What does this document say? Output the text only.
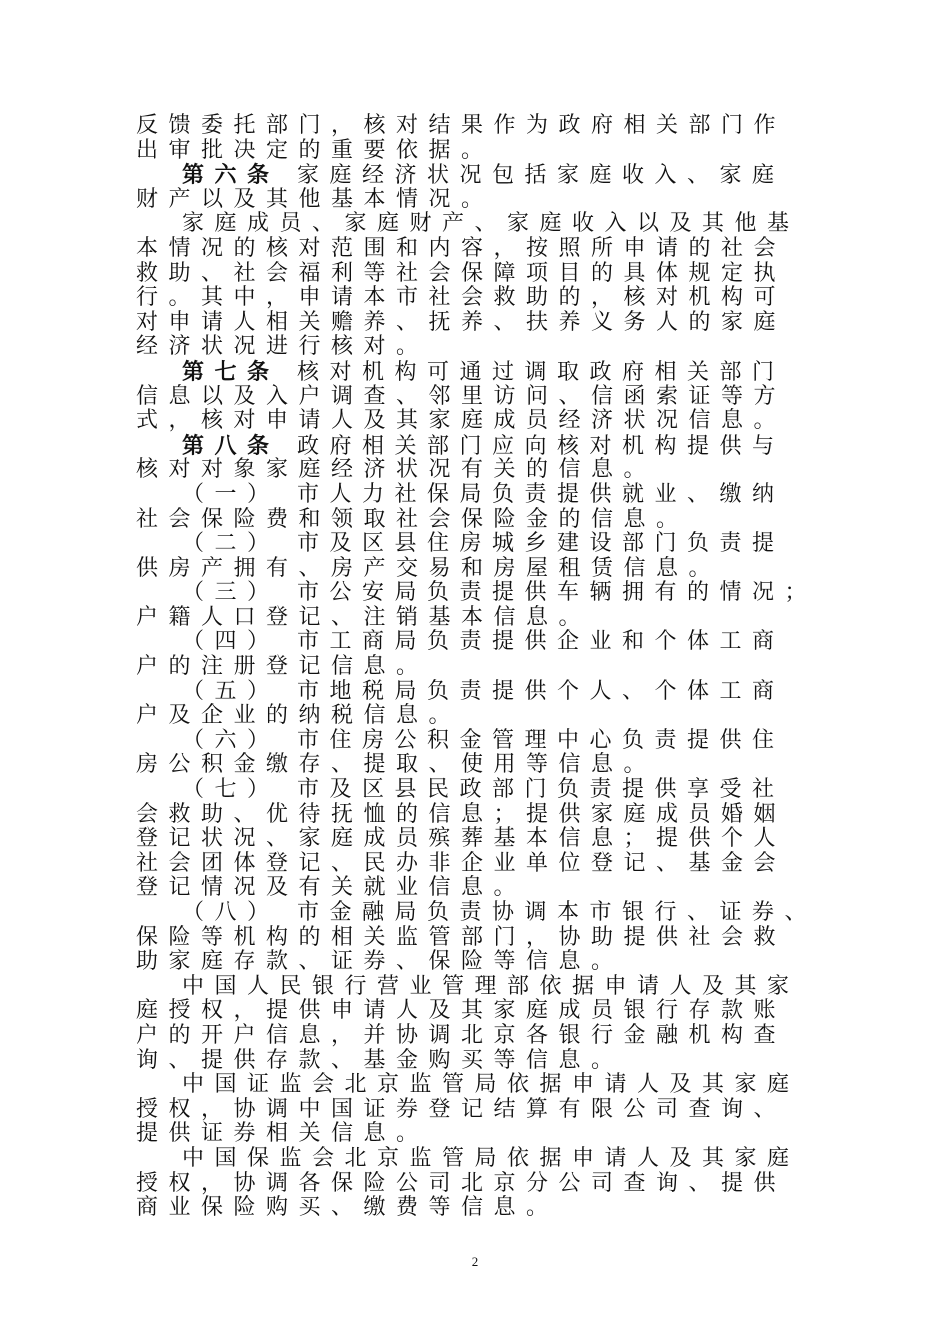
反馈委托部门，核对结果作为政府相关部门作
出审批决定的重要依据。
第六条 家庭经济状况包括家庭收入、家庭
财产以及其他基本情况。
家庭成员、家庭财产、家庭收入以及其他基
本情况的核对范围和内容，按照所申请的社会
救助、社会福利等社会保障项目的具体规定执
行。其中，申请本市社会救助的，核对机构可
对申请人相关赡养、抚养、扶养义务人的家庭
经济状况进行核对。
第七条 核对机构可通过调取政府相关部门
信息以及入户调查、邻里访问、信函索证等方
式，核对申请人及其家庭成员经济状况信息。
第八条 政府相关部门应向核对机构提供与
核对对象家庭经济状况有关的信息。
（一） 市人力社保局负责提供就业、缴纳
社会保险费和领取社会保险金的信息。
（二） 市及区县住房城乡建设部门负责提
供房产拥有、房产交易和房屋租赁信息。
（三） 市公安局负责提供车辆拥有的情况；
户籍人口登记、注销基本信息。
（四） 市工商局负责提供企业和个体工商
户的注册登记信息。
（五） 市地税局负责提供个人、个体工商
户及企业的纳税信息。
（六） 市住房公积金管理中心负责提供住
房公积金缴存、提取、使用等信息。
（七） 市及区县民政部门负责提供享受社
会救助、优待抚恤的信息；提供家庭成员婚姻
登记状况、家庭成员殡葬基本信息；提供个人
社会团体登记、民办非企业单位登记、基金会
登记情况及有关就业信息。
（八） 市金融局负责协调本市银行、证券、
保险等机构的相关监管部门，协助提供社会救
助家庭存款、证券、保险等信息。
中国人民银行营业管理部依据申请人及其家
庭授权，提供申请人及其家庭成员银行存款账
户的开户信息，并协调北京各银行金融机构查
询、提供存款、基金购买等信息。
中国证监会北京监管局依据申请人及其家庭
授权，协调中国证券登记结算有限公司查询、
提供证券相关信息。
中国保监会北京监管局依据申请人及其家庭
授权，协调各保险公司北京分公司查询、提供
商业保险购买、缴费等信息。
2
